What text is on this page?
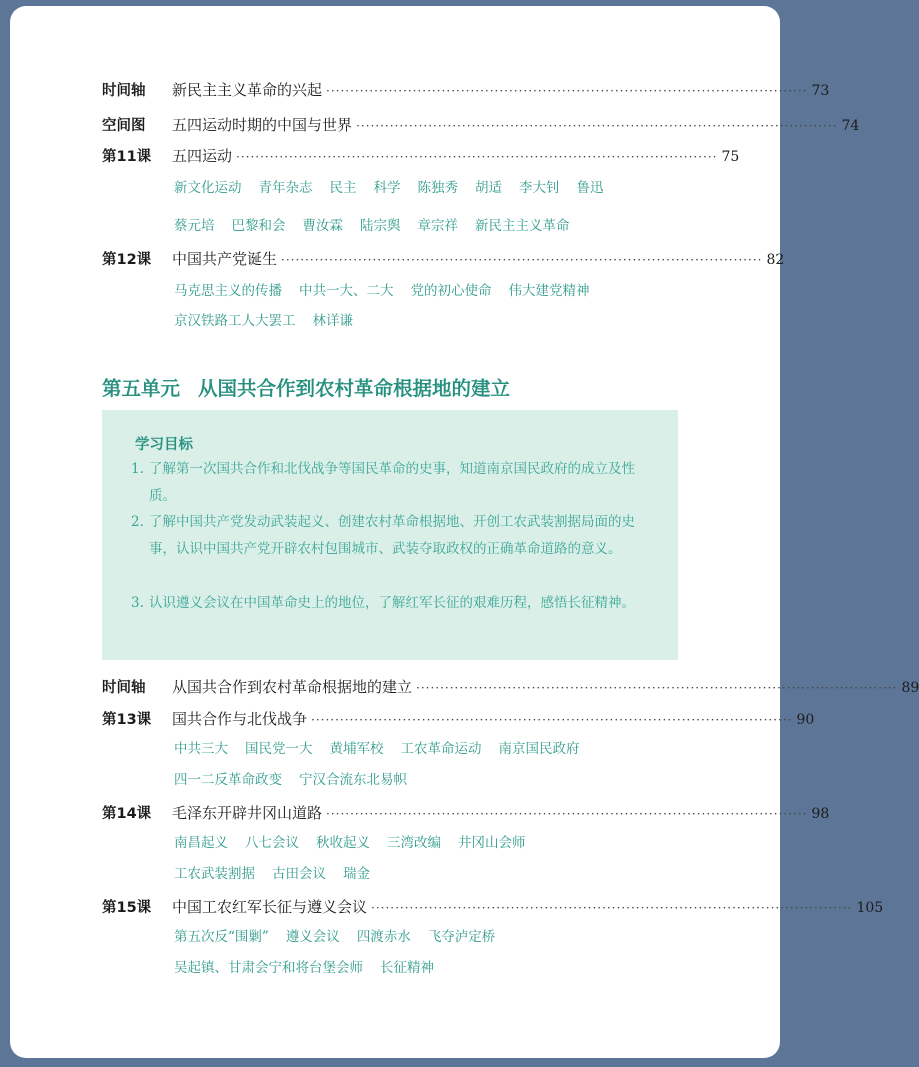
时间轴	新民主主义革命的兴起 ···································································································· 73
空间图	五四运动时期的中国与世界 ···································································································· 74
第11课	五四运动 ···································································································· 75
新文化运动 青年杂志 民主 科学 陈独秀 胡适 李大钊 鲁迅
蔡元培 巴黎和会 曹汝霖 陆宗舆 章宗祥 新民主主义革命
第12课	中国共产党诞生 ···································································································· 82
马克思主义的传播 中共一大、二大 党的初心使命 伟大建党精神
京汉铁路工人大罢工 林详谦
第五单元 从国共合作到农村革命根据地的建立
学习目标
1. 了解第一次国共合作和北伐战争等国民革命的史事，知道南京国民政府的成立及性质。
2. 了解中国共产党发动武装起义、创建农村革命根据地、开创工农武装割据局面的史事，认识中国共产党开辟农村包围城市、武装夺取政权的正确革命道路的意义。
3. 认识遵义会议在中国革命史上的地位，了解红军长征的艰难历程，感悟长征精神。
时间轴	从国共合作到农村革命根据地的建立 ···································································································· 89
第13课	国共合作与北伐战争 ···································································································· 90
中共三大 国民党一大 黄埔军校 工农革命运动 南京国民政府
四一二反革命政变 宁汉合流东北易帜
第14课	毛泽东开辟井冈山道路 ···································································································· 98
南昌起义 八七会议 秋收起义 三湾改编 井冈山会师
工农武装割据 古田会议 瑞金
第15课	中国工农红军长征与遵义会议 ···································································································· 105
第五次反“围剿” 遵义会议 四渡赤水 飞夺泸定桥
吴起镇、甘肃会宁和将台堡会师 长征精神
